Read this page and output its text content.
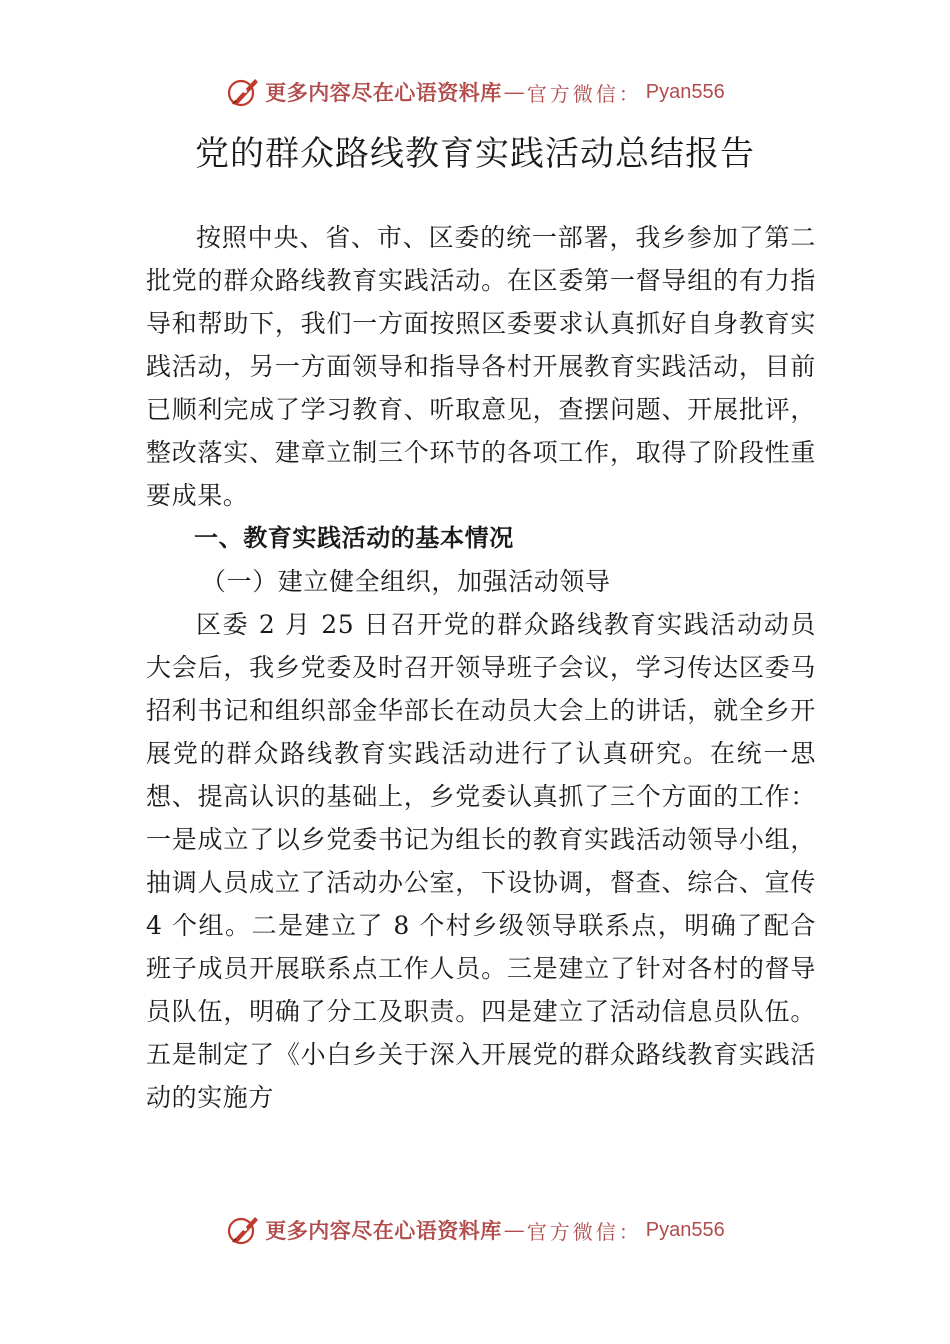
更多内容尽在心语资料库 — 官方微信： Pyan556
党的群众路线教育实践活动总结报告

按照中央、省、市、区委的统一部署，我乡参加了第二批党的群众路线教育实践活动。在区委第一督导组的有力指导和帮助下，我们一方面按照区委要求认真抓好自身教育实践活动，另一方面领导和指导各村开展教育实践活动，目前已顺利完成了学习教育、听取意见，查摆问题、开展批评，整改落实、建章立制三个环节的各项工作，取得了阶段性重要成果。

一、教育实践活动的基本情况

（一）建立健全组织，加强活动领导

区委 2 月 25 日召开党的群众路线教育实践活动动员大会后，我乡党委及时召开领导班子会议，学习传达区委马招利书记和组织部金华部长在动员大会上的讲话，就全乡开展党的群众路线教育实践活动进行了认真研究。在统一思想、提高认识的基础上，乡党委认真抓了三个方面的工作：一是成立了以乡党委书记为组长的教育实践活动领导小组，抽调人员成立了活动办公室，下设协调，督查、综合、宣传 4 个组。二是建立了 8 个村乡级领导联系点，明确了配合班子成员开展联系点工作人员。三是建立了针对各村的督导员队伍，明确了分工及职责。四是建立了活动信息员队伍。五是制定了《小白乡关于深入开展党的群众路线教育实践活动的实施方

更多内容尽在心语资料库 — 官方微信： Pyan556
